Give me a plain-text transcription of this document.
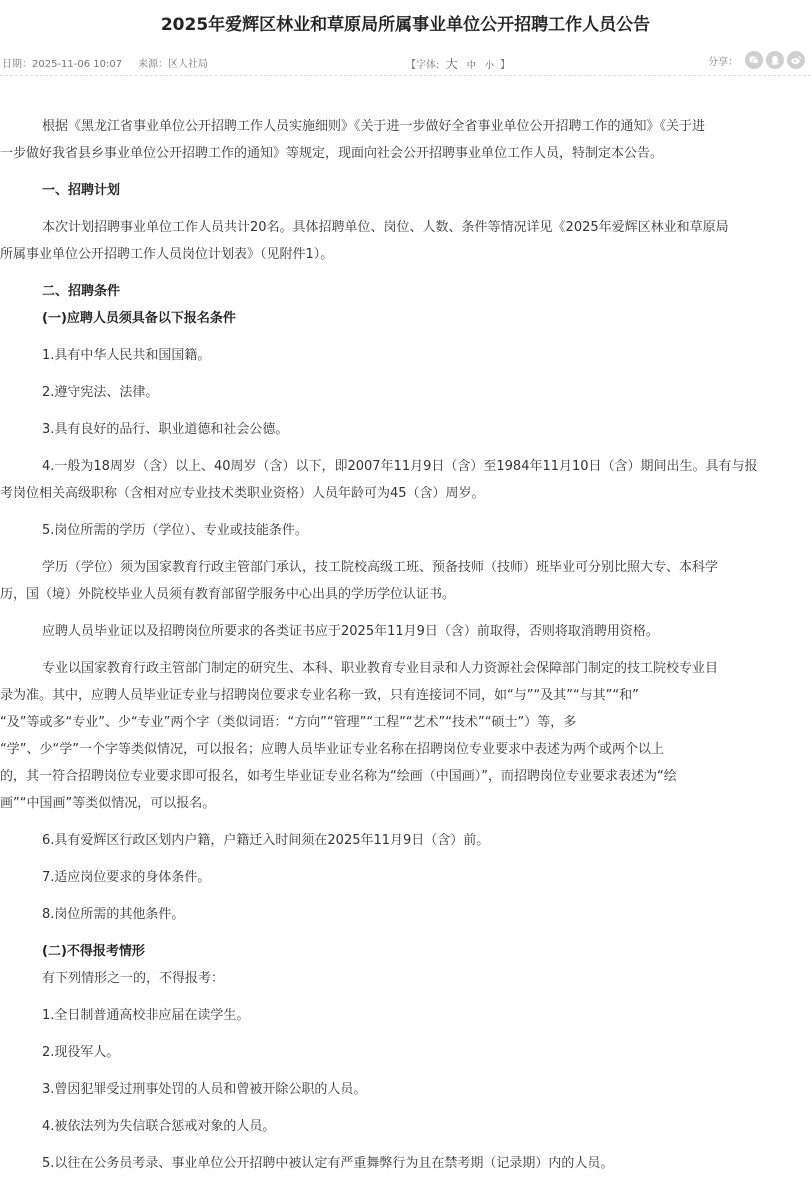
2025年爱辉区林业和草原局所属事业单位公开招聘工作人员公告
日期：2025-11-06 10:07 来源：区人社局	【字体: 大 中 小 】	分享：

根据《黑龙江省事业单位公开招聘工作人员实施细则》《关于进一步做好全省事业单位公开招聘工作的通知》《关于进
一步做好我省县乡事业单位公开招聘工作的通知》等规定，现面向社会公开招聘事业单位工作人员，特制定本公告。

一、招聘计划

本次计划招聘事业单位工作人员共计20名。具体招聘单位、岗位、人数、条件等情况详见《2025年爱辉区林业和草原局
所属事业单位公开招聘工作人员岗位计划表》（见附件1）。

二、招聘条件

(一)应聘人员须具备以下报名条件

1.具有中华人民共和国国籍。

2.遵守宪法、法律。

3.具有良好的品行、职业道德和社会公德。

4.一般为18周岁（含）以上、40周岁（含）以下，即2007年11月9日（含）至1984年11月10日（含）期间出生。具有与报
考岗位相关高级职称（含相对应专业技术类职业资格）人员年龄可为45（含）周岁。

5.岗位所需的学历（学位）、专业或技能条件。

学历（学位）须为国家教育行政主管部门承认，技工院校高级工班、预备技师（技师）班毕业可分别比照大专、本科学
历，国（境）外院校毕业人员须有教育部留学服务中心出具的学历学位认证书。

应聘人员毕业证以及招聘岗位所要求的各类证书应于2025年11月9日（含）前取得，否则将取消聘用资格。

专业以国家教育行政主管部门制定的研究生、本科、职业教育专业目录和人力资源社会保障部门制定的技工院校专业目
录为准。其中，应聘人员毕业证专业与招聘岗位要求专业名称一致，只有连接词不同，如“与”“及其”“与其”“和”
“及”等或多“专业”、少“专业”两个字（类似词语：“方向”“管理”“工程”“艺术”“技术”“硕士”）等，多
“学”、少“学”一个字等类似情况，可以报名；应聘人员毕业证专业名称在招聘岗位专业要求中表述为两个或两个以上
的，其一符合招聘岗位专业要求即可报名，如考生毕业证专业名称为“绘画（中国画）”，而招聘岗位专业要求表述为“绘
画”“中国画”等类似情况，可以报名。

6.具有爱辉区行政区划内户籍，户籍迁入时间须在2025年11月9日（含）前。

7.适应岗位要求的身体条件。

8.岗位所需的其他条件。

(二)不得报考情形

有下列情形之一的，不得报考：

1.全日制普通高校非应届在读学生。

2.现役军人。

3.曾因犯罪受过刑事处罚的人员和曾被开除公职的人员。

4.被依法列为失信联合惩戒对象的人员。

5.以往在公务员考录、事业单位公开招聘中被认定有严重舞弊行为且在禁考期（记录期）内的人员。
